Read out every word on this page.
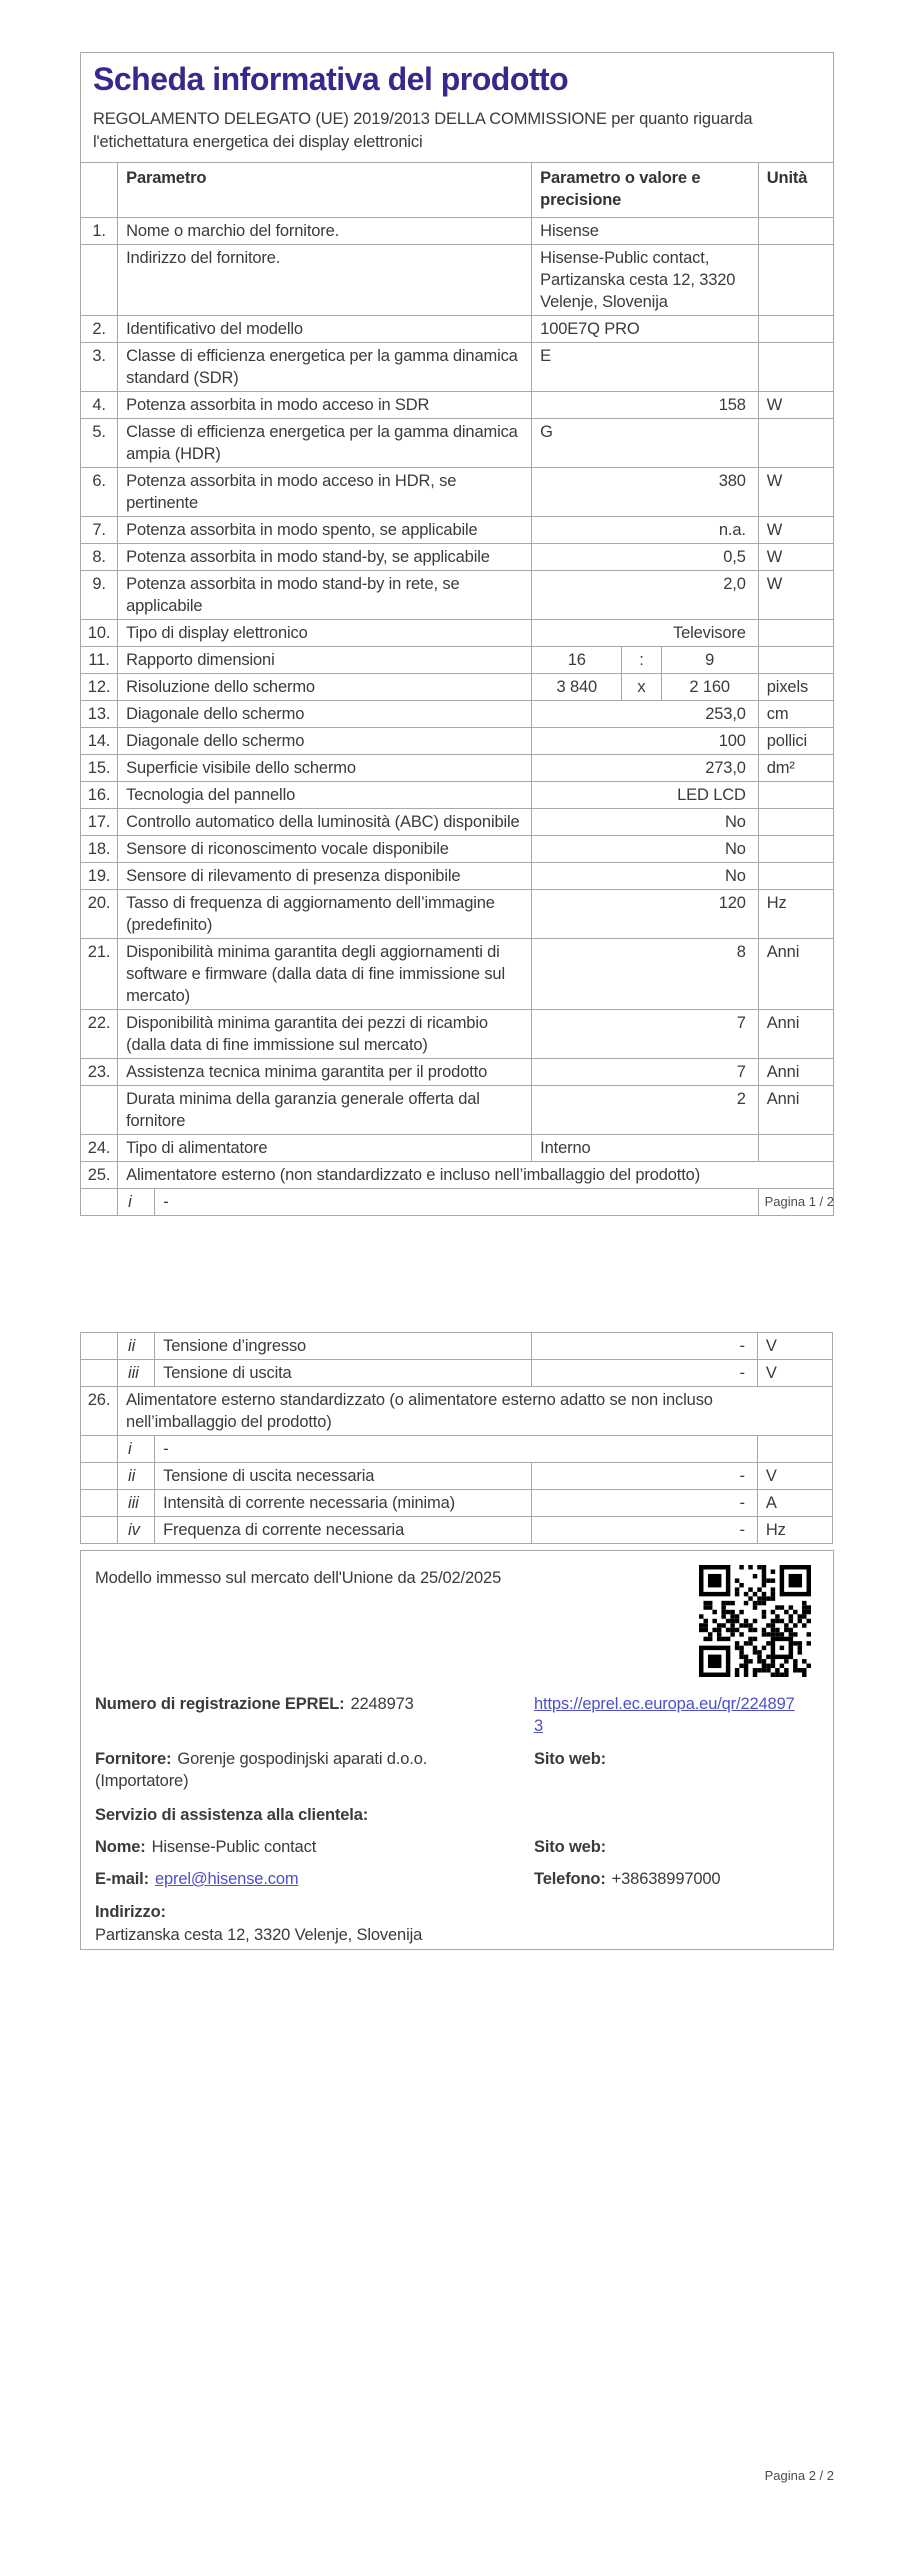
Scheda informativa del prodotto
REGOLAMENTO DELEGATO (UE) 2019/2013 DELLA COMMISSIONE per quanto riguarda l'etichettatura energetica dei display elettronici
	Parametro		Parametro o valore e precisione			Unità
1.	Nome o marchio del fornitore.		Hisense			
	Indirizzo del fornitore.		Hisense-Public contact, Partizanska cesta 12, 3320 Velenje, Slovenija			
2.	Identificativo del modello		100E7Q PRO			
3.	Classe di efficienza energetica per la gamma dinamica standard (SDR)		E			
4.	Potenza assorbita in modo acceso in SDR		158			W
5.	Classe di efficienza energetica per la gamma dinamica ampia (HDR)		G			
6.	Potenza assorbita in modo acceso in HDR, se pertinente		380			W
7.	Potenza assorbita in modo spento, se applicabile		n.a.			W
8.	Potenza assorbita in modo stand-by, se applicabile		0,5			W
9.	Potenza assorbita in modo stand-by in rete, se applicabile		2,0			W
10.	Tipo di display elettronico		Televisore			
11.	Rapporto dimensioni		16	:	9	
12.	Risoluzione dello schermo		3 840	x	2 160	pixels
13.	Diagonale dello schermo		253,0			cm
14.	Diagonale dello schermo		100			pollici
15.	Superficie visibile dello schermo		273,0			dm²
16.	Tecnologia del pannello		LED LCD			
17.	Controllo automatico della luminosità (ABC) disponibile		No			
18.	Sensore di riconoscimento vocale disponibile		No			
19.	Sensore di rilevamento di presenza disponibile		No			
20.	Tasso di frequenza di aggiornamento dell’immagine (predefinito)		120			Hz
21.	Disponibilità minima garantita degli aggiornamenti di software e firmware (dalla data di fine immissione sul mercato)		8			Anni
22.	Disponibilità minima garantita dei pezzi di ricambio (dalla data di fine immissione sul mercato)		7			Anni
23.	Assistenza tecnica minima garantita per il prodotto		7			Anni
	Durata minima della garanzia generale offerta dal fornitore		2			Anni
24.	Tipo di alimentatore		Interno			
25.	Alimentatore esterno (non standardizzato e incluso nell’imballaggio del prodotto)					
	i	-					Pagina 1 / 2
	ii	Tensione d’ingresso	-	V
	iii	Tensione di uscita	-	V
26.	Alimentatore esterno standardizzato (o alimentatore esterno adatto se non incluso nell’imballaggio del prodotto)			
	i	-		
	ii	Tensione di uscita necessaria	-	V
	iii	Intensità di corrente necessaria (minima)	-	A
	iv	Frequenza di corrente necessaria	-	Hz
Modello immesso sul mercato dell'Unione da 25/02/2025
Numero di registrazione EPREL: 2248973	https://eprel.ec.europa.eu/qr/2248973
Fornitore: Gorenje gospodinjski aparati d.o.o. (Importatore)
Sito web:
Servizio di assistenza alla clientela:
Nome: Hisense-Public contact	Sito web:
E-mail: eprel@hisense.com	Telefono: +38638997000
Indirizzo:
Partizanska cesta 12, 3320 Velenje, Slovenija
Pagina 2 / 2
